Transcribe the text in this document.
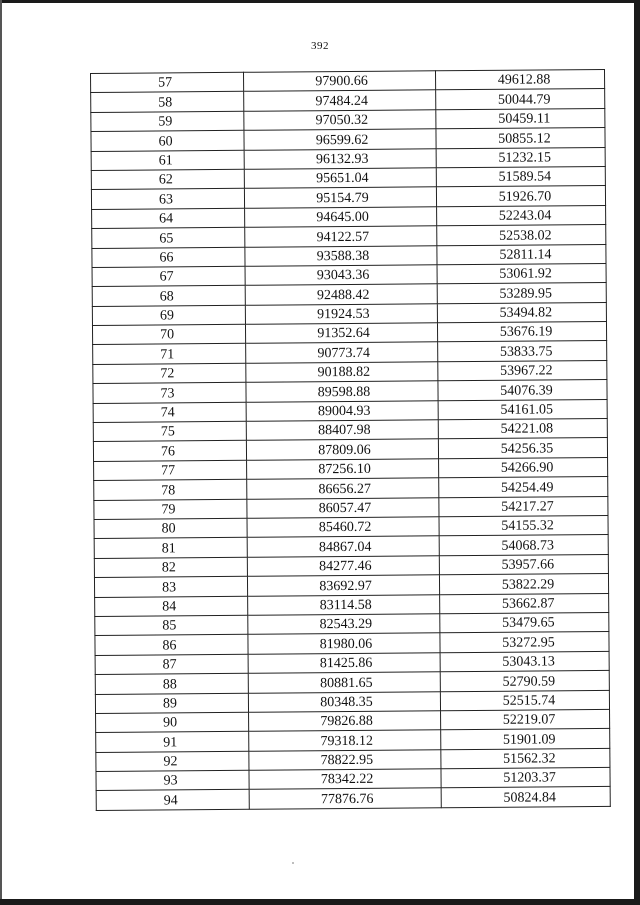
392
57	97900.66	49612.88
58	97484.24	50044.79
59	97050.32	50459.11
60	96599.62	50855.12
61	96132.93	51232.15
62	95651.04	51589.54
63	95154.79	51926.70
64	94645.00	52243.04
65	94122.57	52538.02
66	93588.38	52811.14
67	93043.36	53061.92
68	92488.42	53289.95
69	91924.53	53494.82
70	91352.64	53676.19
71	90773.74	53833.75
72	90188.82	53967.22
73	89598.88	54076.39
74	89004.93	54161.05
75	88407.98	54221.08
76	87809.06	54256.35
77	87256.10	54266.90
78	86656.27	54254.49
79	86057.47	54217.27
80	85460.72	54155.32
81	84867.04	54068.73
82	84277.46	53957.66
83	83692.97	53822.29
84	83114.58	53662.87
85	82543.29	53479.65
86	81980.06	53272.95
87	81425.86	53043.13
88	80881.65	52790.59
89	80348.35	52515.74
90	79826.88	52219.07
91	79318.12	51901.09
92	78822.95	51562.32
93	78342.22	51203.37
94	77876.76	50824.84
